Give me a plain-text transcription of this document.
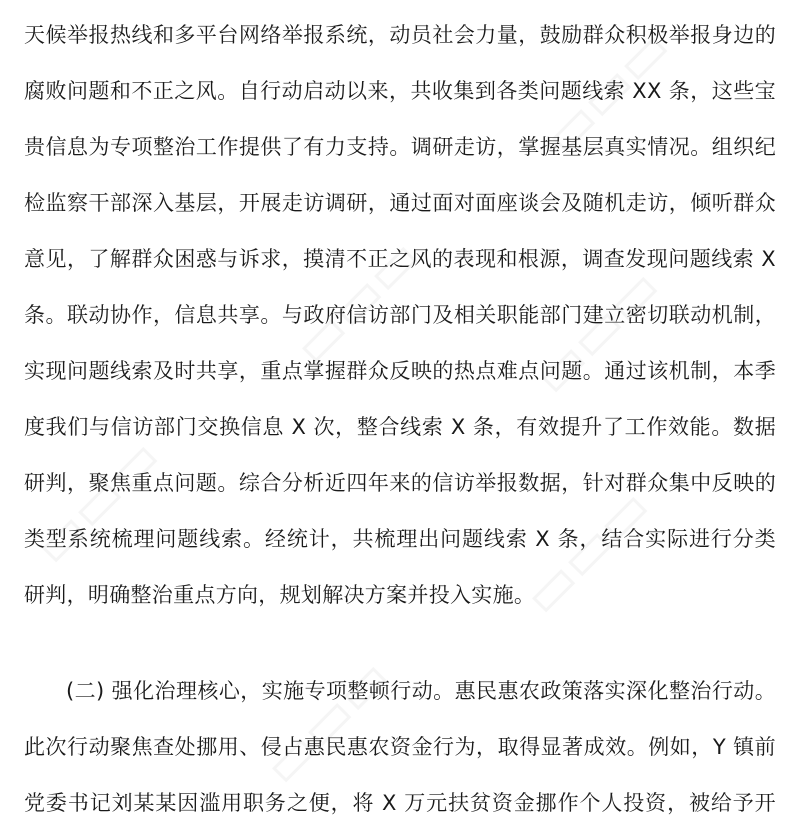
▭▭▭
▭▭▭ ▭▭▭
▭▭▭	▭▭▭
▭▭▭
天候举报热线和多平台网络举报系统，动员社会力量，鼓励群众积极举报身边的
腐败问题和不正之风。自行动启动以来，共收集到各类问题线索 XX 条，这些宝
贵信息为专项整治工作提供了有力支持。调研走访，掌握基层真实情况。组织纪
检监察干部深入基层，开展走访调研，通过面对面座谈会及随机走访，倾听群众
意见，了解群众困惑与诉求，摸清不正之风的表现和根源，调查发现问题线索 X
条。联动协作，信息共享。与政府信访部门及相关职能部门建立密切联动机制，
实现问题线索及时共享，重点掌握群众反映的热点难点问题。通过该机制，本季
度我们与信访部门交换信息 X 次，整合线索 X 条，有效提升了工作效能。数据
研判，聚焦重点问题。综合分析近四年来的信访举报数据，针对群众集中反映的
类型系统梳理问题线索。经统计，共梳理出问题线索 X 条，结合实际进行分类
研判，明确整治重点方向，规划解决方案并投入实施。
(二) 强化治理核心，实施专项整顿行动。惠民惠农政策落实深化整治行动。
此次行动聚焦查处挪用、侵占惠民惠农资金行为，取得显著成效。例如，Y 镇前
党委书记刘某某因滥用职务之便，将 X 万元扶贫资金挪作个人投资，被给予开
